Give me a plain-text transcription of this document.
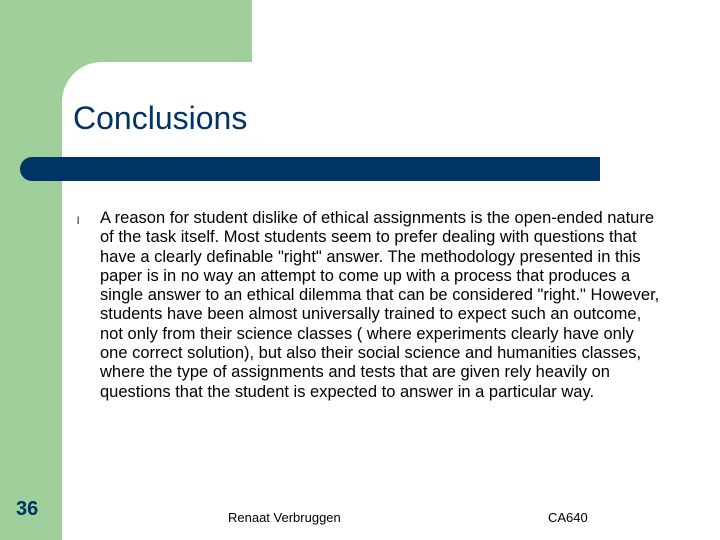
Conclusions
l A reason for student dislike of ethical assignments is the open-ended nature of the task itself. Most students seem to prefer dealing with questions that have a clearly definable "right" answer. The methodology presented in this paper is in no way an attempt to come up with a process that produces a single answer to an ethical dilemma that can be considered "right." However, students have been almost universally trained to expect such an outcome, not only from their science classes ( where experiments clearly have only one correct solution), but also their social science and humanities classes, where the type of assignments and tests that are given rely heavily on questions that the student is expected to answer in a particular way.
36	Renaat Verbruggen	CA640
